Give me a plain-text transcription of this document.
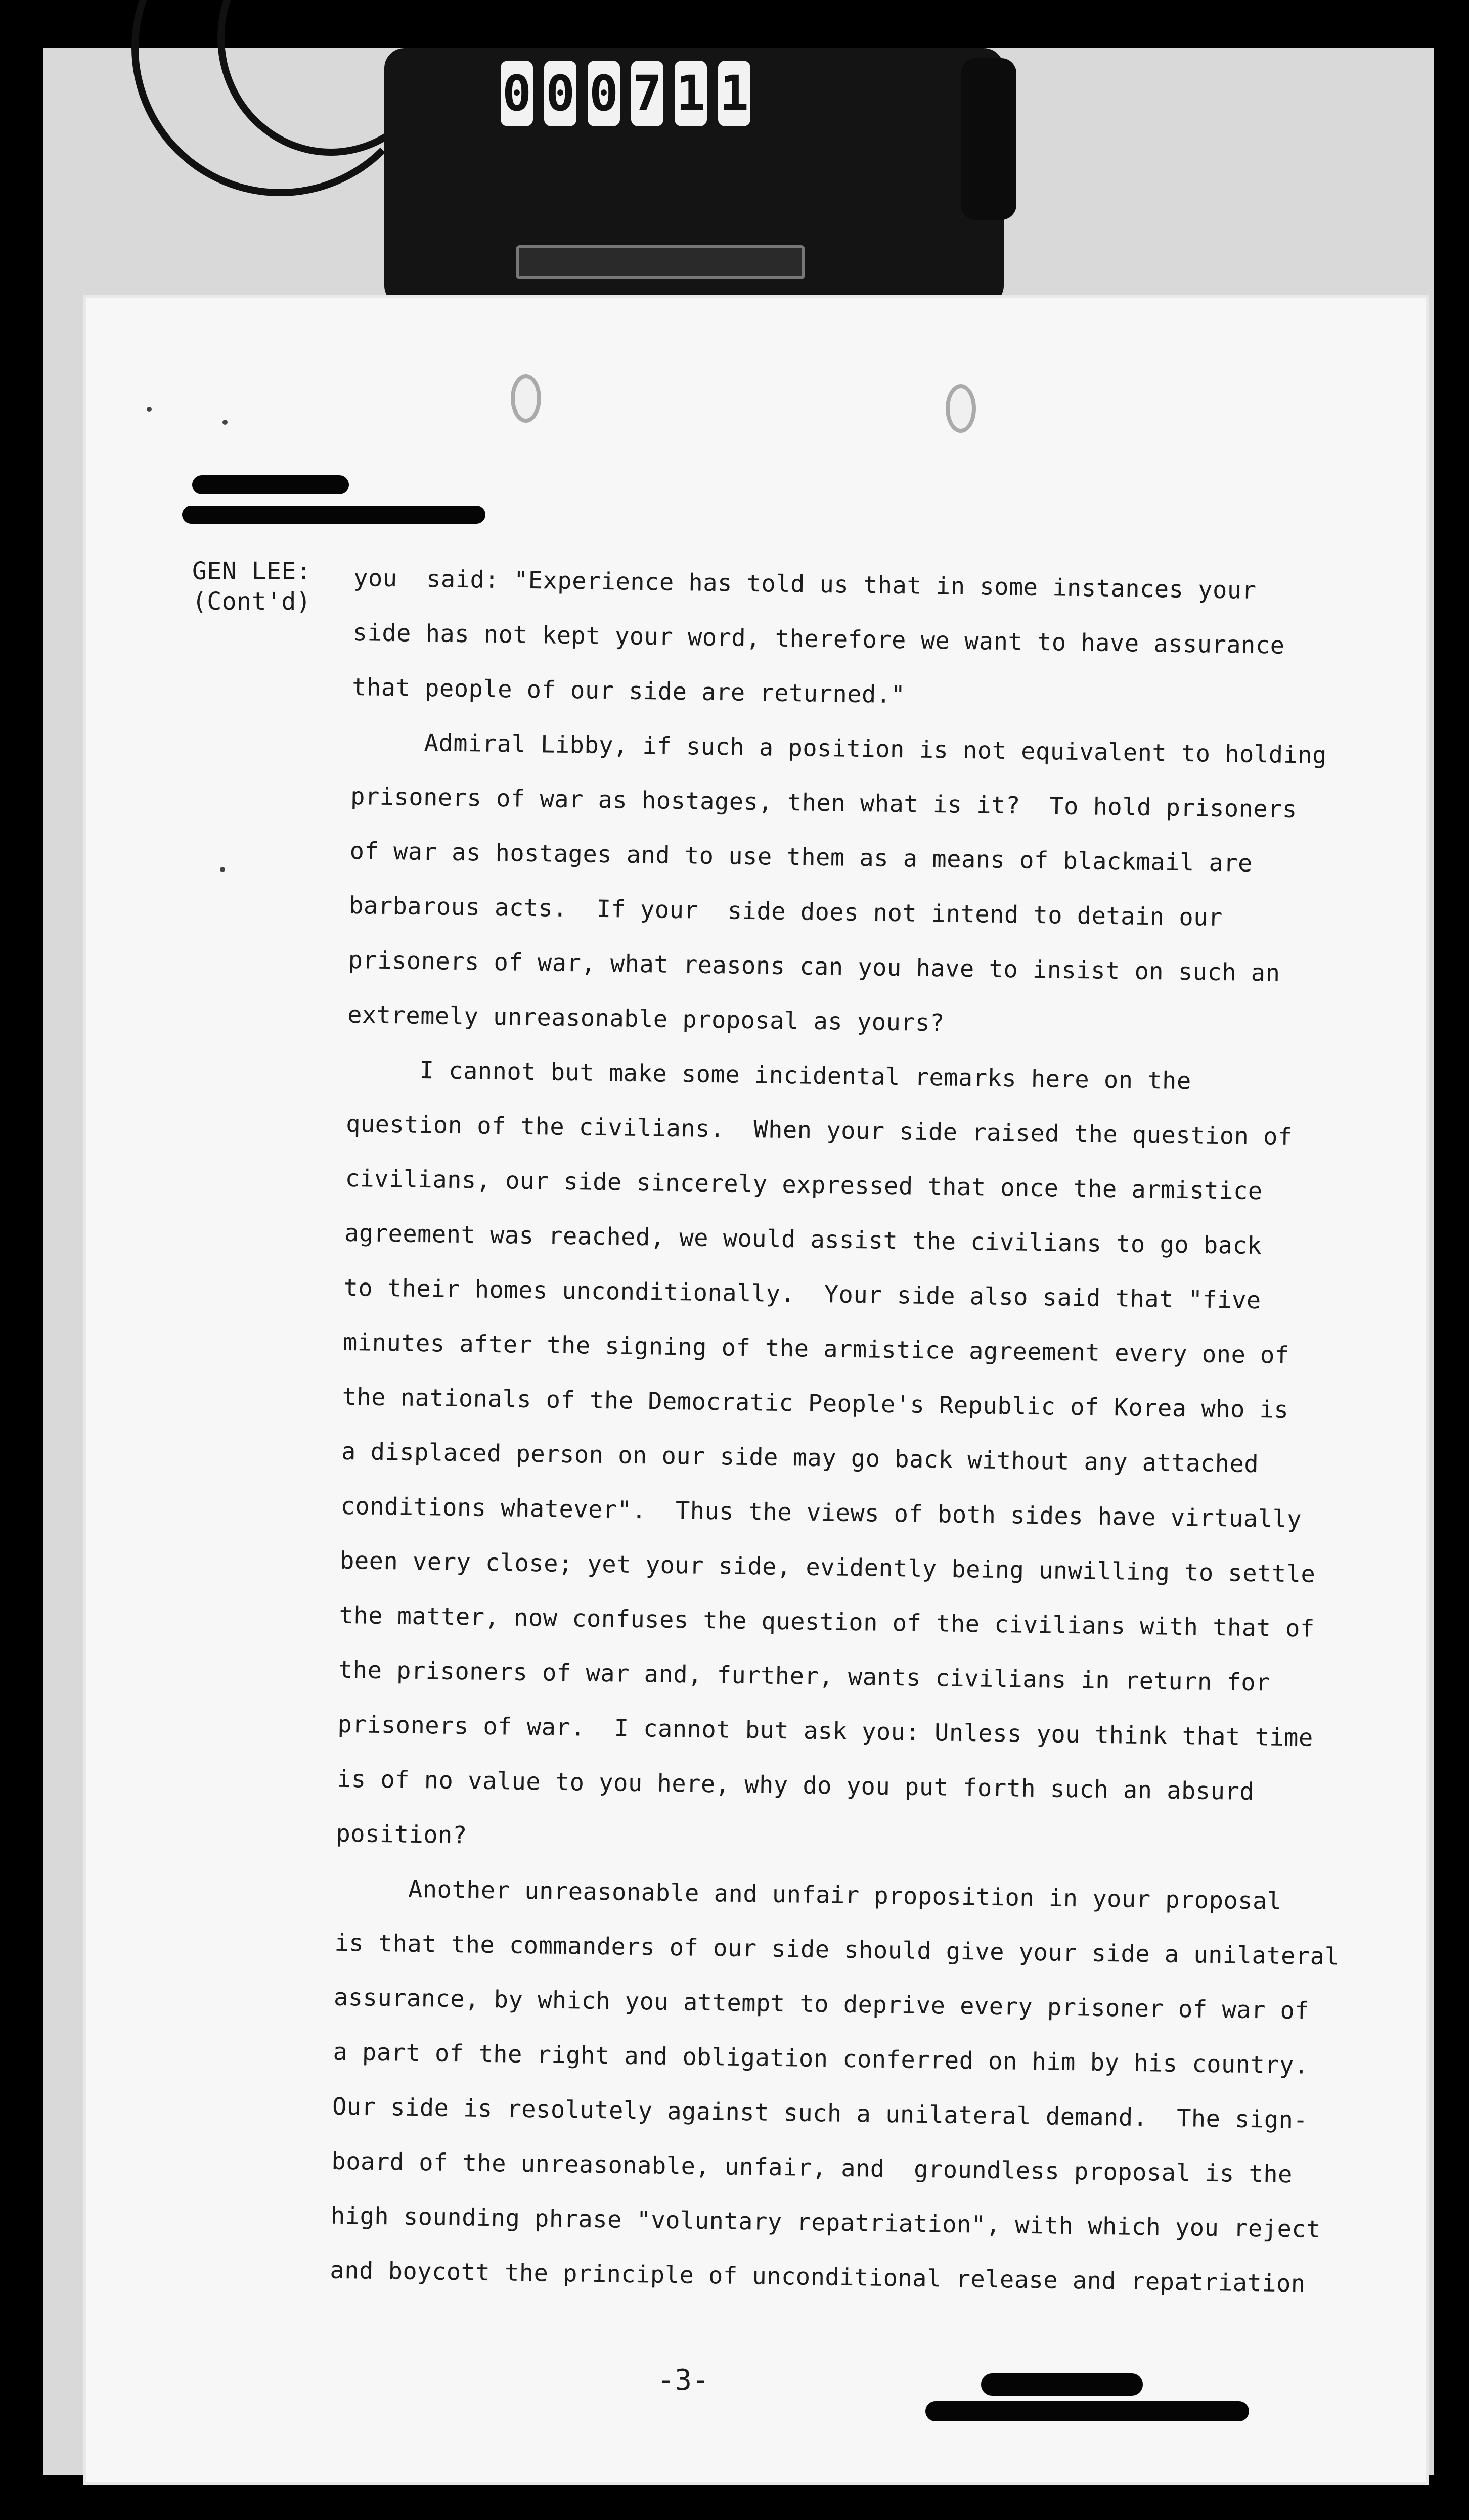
0 0 0 7 1 1
GEN LEE:
(Cont'd) you  said: "Experience has told us that in some instances your
side has not kept your word, therefore we want to have assurance
that people of our side are returned."
Admiral Libby, if such a position is not equivalent to holding
prisoners of war as hostages, then what is it?  To hold prisoners
of war as hostages and to use them as a means of blackmail are
barbarous acts.  If your  side does not intend to detain our
prisoners of war, what reasons can you have to insist on such an
extremely unreasonable proposal as yours?
I cannot but make some incidental remarks here on the
question of the civilians.  When your side raised the question of
civilians, our side sincerely expressed that once the armistice
agreement was reached, we would assist the civilians to go back
to their homes unconditionally.  Your side also said that "five
minutes after the signing of the armistice agreement every one of
the nationals of the Democratic People's Republic of Korea who is
a displaced person on our side may go back without any attached
conditions whatever".  Thus the views of both sides have virtually
been very close; yet your side, evidently being unwilling to settle
the matter, now confuses the question of the civilians with that of
the prisoners of war and, further, wants civilians in return for
prisoners of war.  I cannot but ask you: Unless you think that time
is of no value to you here, why do you put forth such an absurd
position?
Another unreasonable and unfair proposition in your proposal
is that the commanders of our side should give your side a unilateral
assurance, by which you attempt to deprive every prisoner of war of
a part of the right and obligation conferred on him by his country.
Our side is resolutely against such a unilateral demand.  The sign-
board of the unreasonable, unfair, and  groundless proposal is the
high sounding phrase "voluntary repatriation", with which you reject
and boycott the principle of unconditional release and repatriation
-3-
